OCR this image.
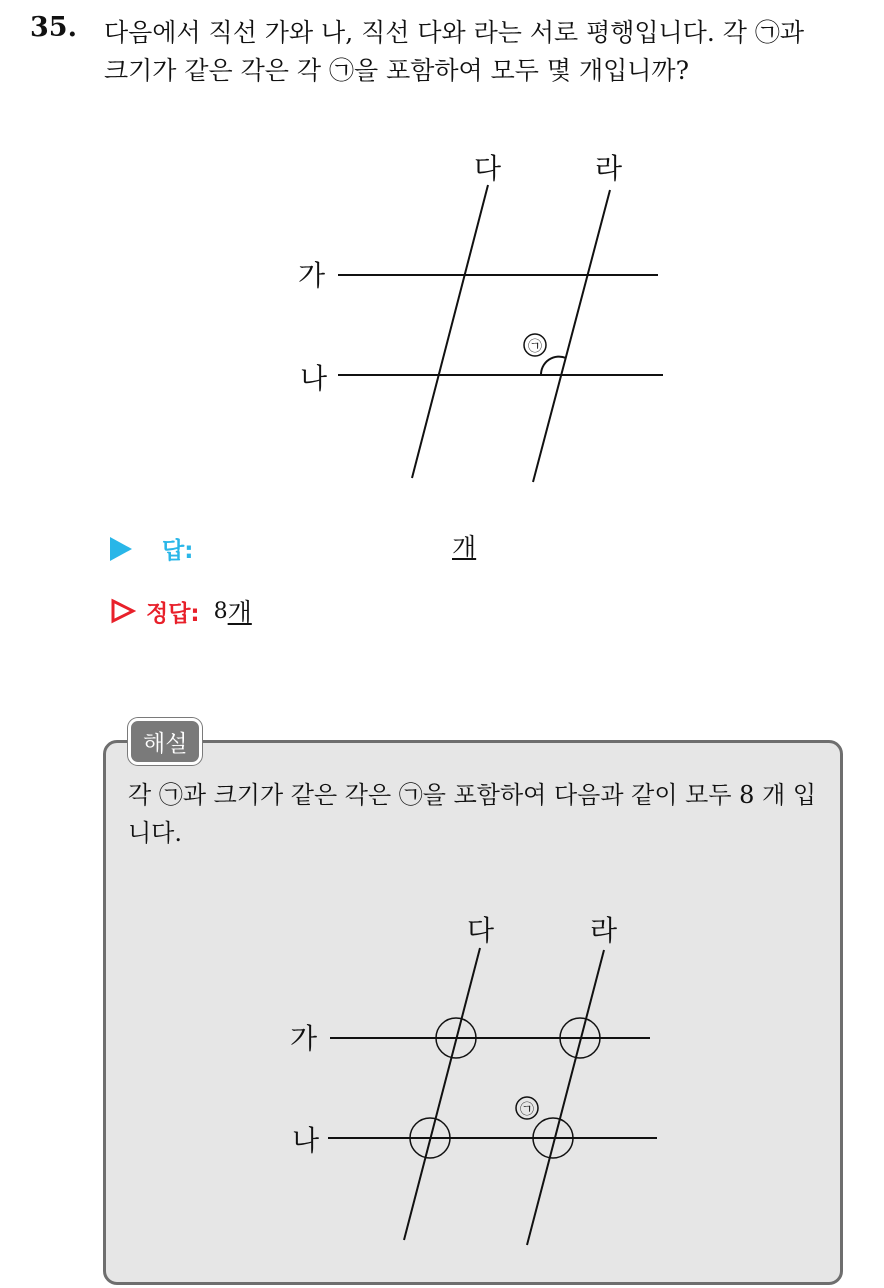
35. 다음에서 직선 가와 나, 직선 다와 라는 서로 평행입니다. 각 ㉠과
크기가 같은 각은 각 ㉠을 포함하여 모두 몇 개입니까?
가
나
다	라
㉠
답:	개
정답: 8 개
해설
각 ㉠과 크기가 같은 각은 ㉠을 포함하여 다음과 같이 모두 8 개 입니다.
가
나
다	라
㉠
